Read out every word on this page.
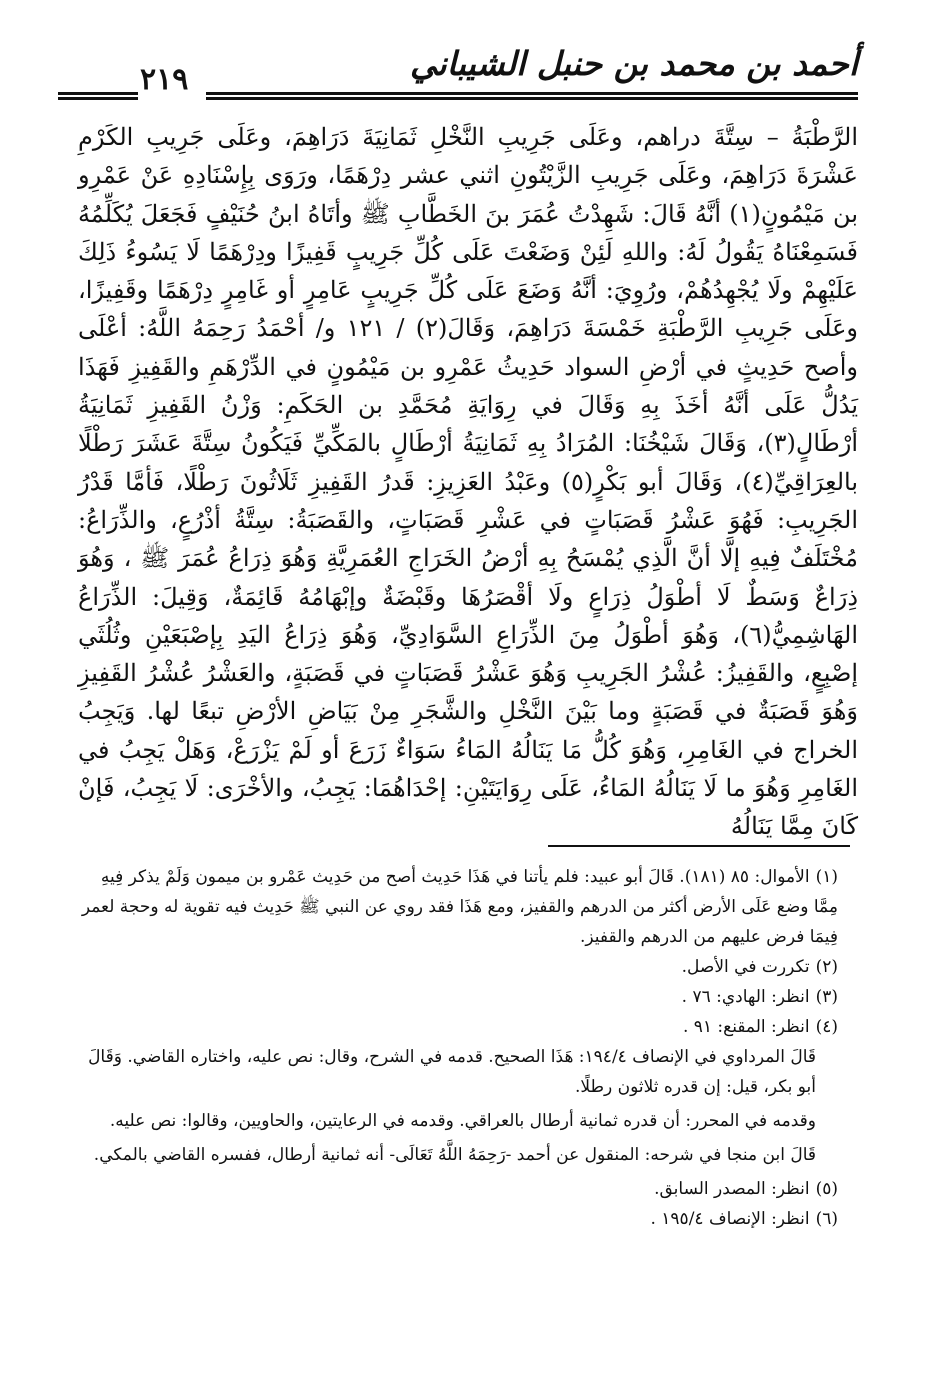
أحمد بن محمد بن حنبل الشيباني
٢١٩

الرَّطْبَةُ – سِتَّةَ دراهم، وعَلَى جَرِيبِ النَّخْلِ ثَمَانِيَةَ دَرَاهِمَ، وعَلَى جَرِيبِ الكَرْمِ عَشْرَةَ دَرَاهِمَ، وعَلَى جَرِيبِ الزَّيْتُونِ اثني عشر دِرْهَمًا، ورَوَى بِإِسْنَادِهِ عَنْ عَمْرِو بن مَيْمُونٍ(١) أنَّهُ قَالَ: شَهِدْتُ عُمَرَ بنَ الخَطَّابِ ﷺ وأتَاهُ ابنُ حُنَيْفٍ فَجَعَلَ يُكَلِّمُهُ فَسَمِعْنَاهُ يَقُولُ لَهُ: واللهِ لَئِنْ وَضَعْتَ عَلَى كُلِّ جَرِيبٍ قَفِيزًا ودِرْهَمًا لَا يَسُوءُ ذَلِكَ عَلَيْهِمْ ولَا يُجْهِدُهُمْ، ورُوِيَ: أنَّهُ وَضَعَ عَلَى كُلِّ جَرِيبٍ عَامِرٍ أو غَامِرٍ دِرْهَمًا وقَفِيزًا، وعَلَى جَرِيبِ الرَّطْبَةِ خَمْسَةَ دَرَاهِمَ، وَقَالَ(٢) / ١٢١ و/ أحْمَدُ رَحِمَهُ اللَّهُ: أعْلَى وأصح حَدِيثٍ في أرْضِ السواد حَدِيثُ عَمْرِو بن مَيْمُونٍ في الدِّرْهَمِ والقَفِيزِ فَهَذَا يَدُلُّ عَلَى أنَّهُ أخَذَ بِهِ وَقَالَ في رِوَايَةِ مُحَمَّدِ بن الحَكَمِ: وَزْنُ القَفِيزِ ثَمَانِيَةُ أرْطَالٍ(٣)، وَقَالَ شَيْخُنَا: المُرَادُ بِهِ ثَمَانِيَةُ أرْطَالٍ بالمَكِّيِّ فَيَكُونُ سِتَّةَ عَشَرَ رَطْلًا بالعِرَاقِيِّ(٤)، وَقَالَ أبو بَكْرٍ(٥) وعَبْدُ العَزِيزِ: قَدرُ القَفِيزِ ثَلَاثُونَ رَطْلًا، فَأمَّا قَدْرُ الجَرِيبِ: فَهُوَ عَشْرُ قَصَبَاتٍ في عَشْرِ قَصَبَاتٍ، والقَصَبَةُ: سِتَّةُ أذْرُعٍ، والذِّرَاعُ: مُخْتَلَفٌ فِيهِ إلَّا أنَّ الَّذِي يُمْسَحُ بِهِ أرْضُ الخَرَاجِ العُمَرِيَّةِ وَهُوَ ذِرَاعُ عُمَرَ ﷺ ، وَهُوَ ذِرَاعٌ وَسَطٌ لَا أطْوَلُ ذِرَاعٍ ولَا أقْصَرُهَا وقَبْضَةٌ وإبْهَامُهُ قَائِمَةٌ، وَقِيلَ: الذِّرَاعُ الهَاشِمِيُّ(٦)، وَهُوَ أطْوَلُ مِنَ الذِّرَاعِ السَّوَادِيِّ، وَهُوَ ذِرَاعُ اليَدِ بِإصْبَعَيْنِ وثُلُثَي إصْبِعٍ، والقَفِيزُ: عُشْرُ الجَرِيبِ وَهُوَ عَشْرُ قَصَبَاتٍ في قَصَبَةٍ، والعَشْرُ عُشْرُ القَفِيزِ وَهُوَ قَصَبَةٌ في قَصَبَةٍ وما بَيْنَ النَّخْلِ والشَّجَرِ مِنْ بَيَاضِ الأرْضِ تبعًا لها. وَيَجِبُ الخراج في الغَامِرِ، وَهُوَ كُلُّ مَا يَنَالُهُ المَاءُ سَوَاءٌ زَرَعَ أو لَمْ يَزْرَعْ، وَهَلْ يَجِبُ في الغَامِرِ وَهُوَ ما لَا يَنَالُهُ المَاءُ، عَلَى رِوَايَتَيْنِ: إحْدَاهُمَا: يَجِبُ، والأخْرَى: لَا يَجِبُ، فَإنْ كَانَ مِمَّا يَنَالُهُ

(١)الأموال: ٨٥ (١٨١). قَالَ أبو عبيد: فلم يأتنا في هَذَا حَدِيث أصح من حَدِيث عَمْرو بن ميمون وَلَمْ يذكر فِيهِ مِمَّا وضع عَلَى الأرض أكثر من الدرهم والقفيز، ومع هَذَا فقد روي عن النبي ﷺ حَدِيث فيه تقوية له وحجة لعمر فِيمَا فرض عليهم من الدرهم والقفيز.
(٢)تكررت في الأصل.
(٣)انظر: الهادي: ٧٦ .
(٤)انظر: المقنع: ٩١ .
قَالَ المرداوي في الإنصاف ١٩٤/٤: هَذَا الصحيح. قدمه في الشرح، وقال: نص عليه، واختاره القاضي. وَقَالَ أبو بكر، قيل: إن قدره ثلاثون رطلًا.
وقدمه في المحرر: أن قدره ثمانية أرطال بالعراقي. وقدمه في الرعايتين، والحاويين، وقالوا: نص عليه.
قَالَ ابن منجا في شرحه: المنقول عن أحمد -رَحِمَهُ اللَّهُ تَعَالَى- أنه ثمانية أرطال، ففسره القاضي بالمكي.
(٥)انظر: المصدر السابق.
(٦)انظر: الإنصاف ١٩٥/٤ .
